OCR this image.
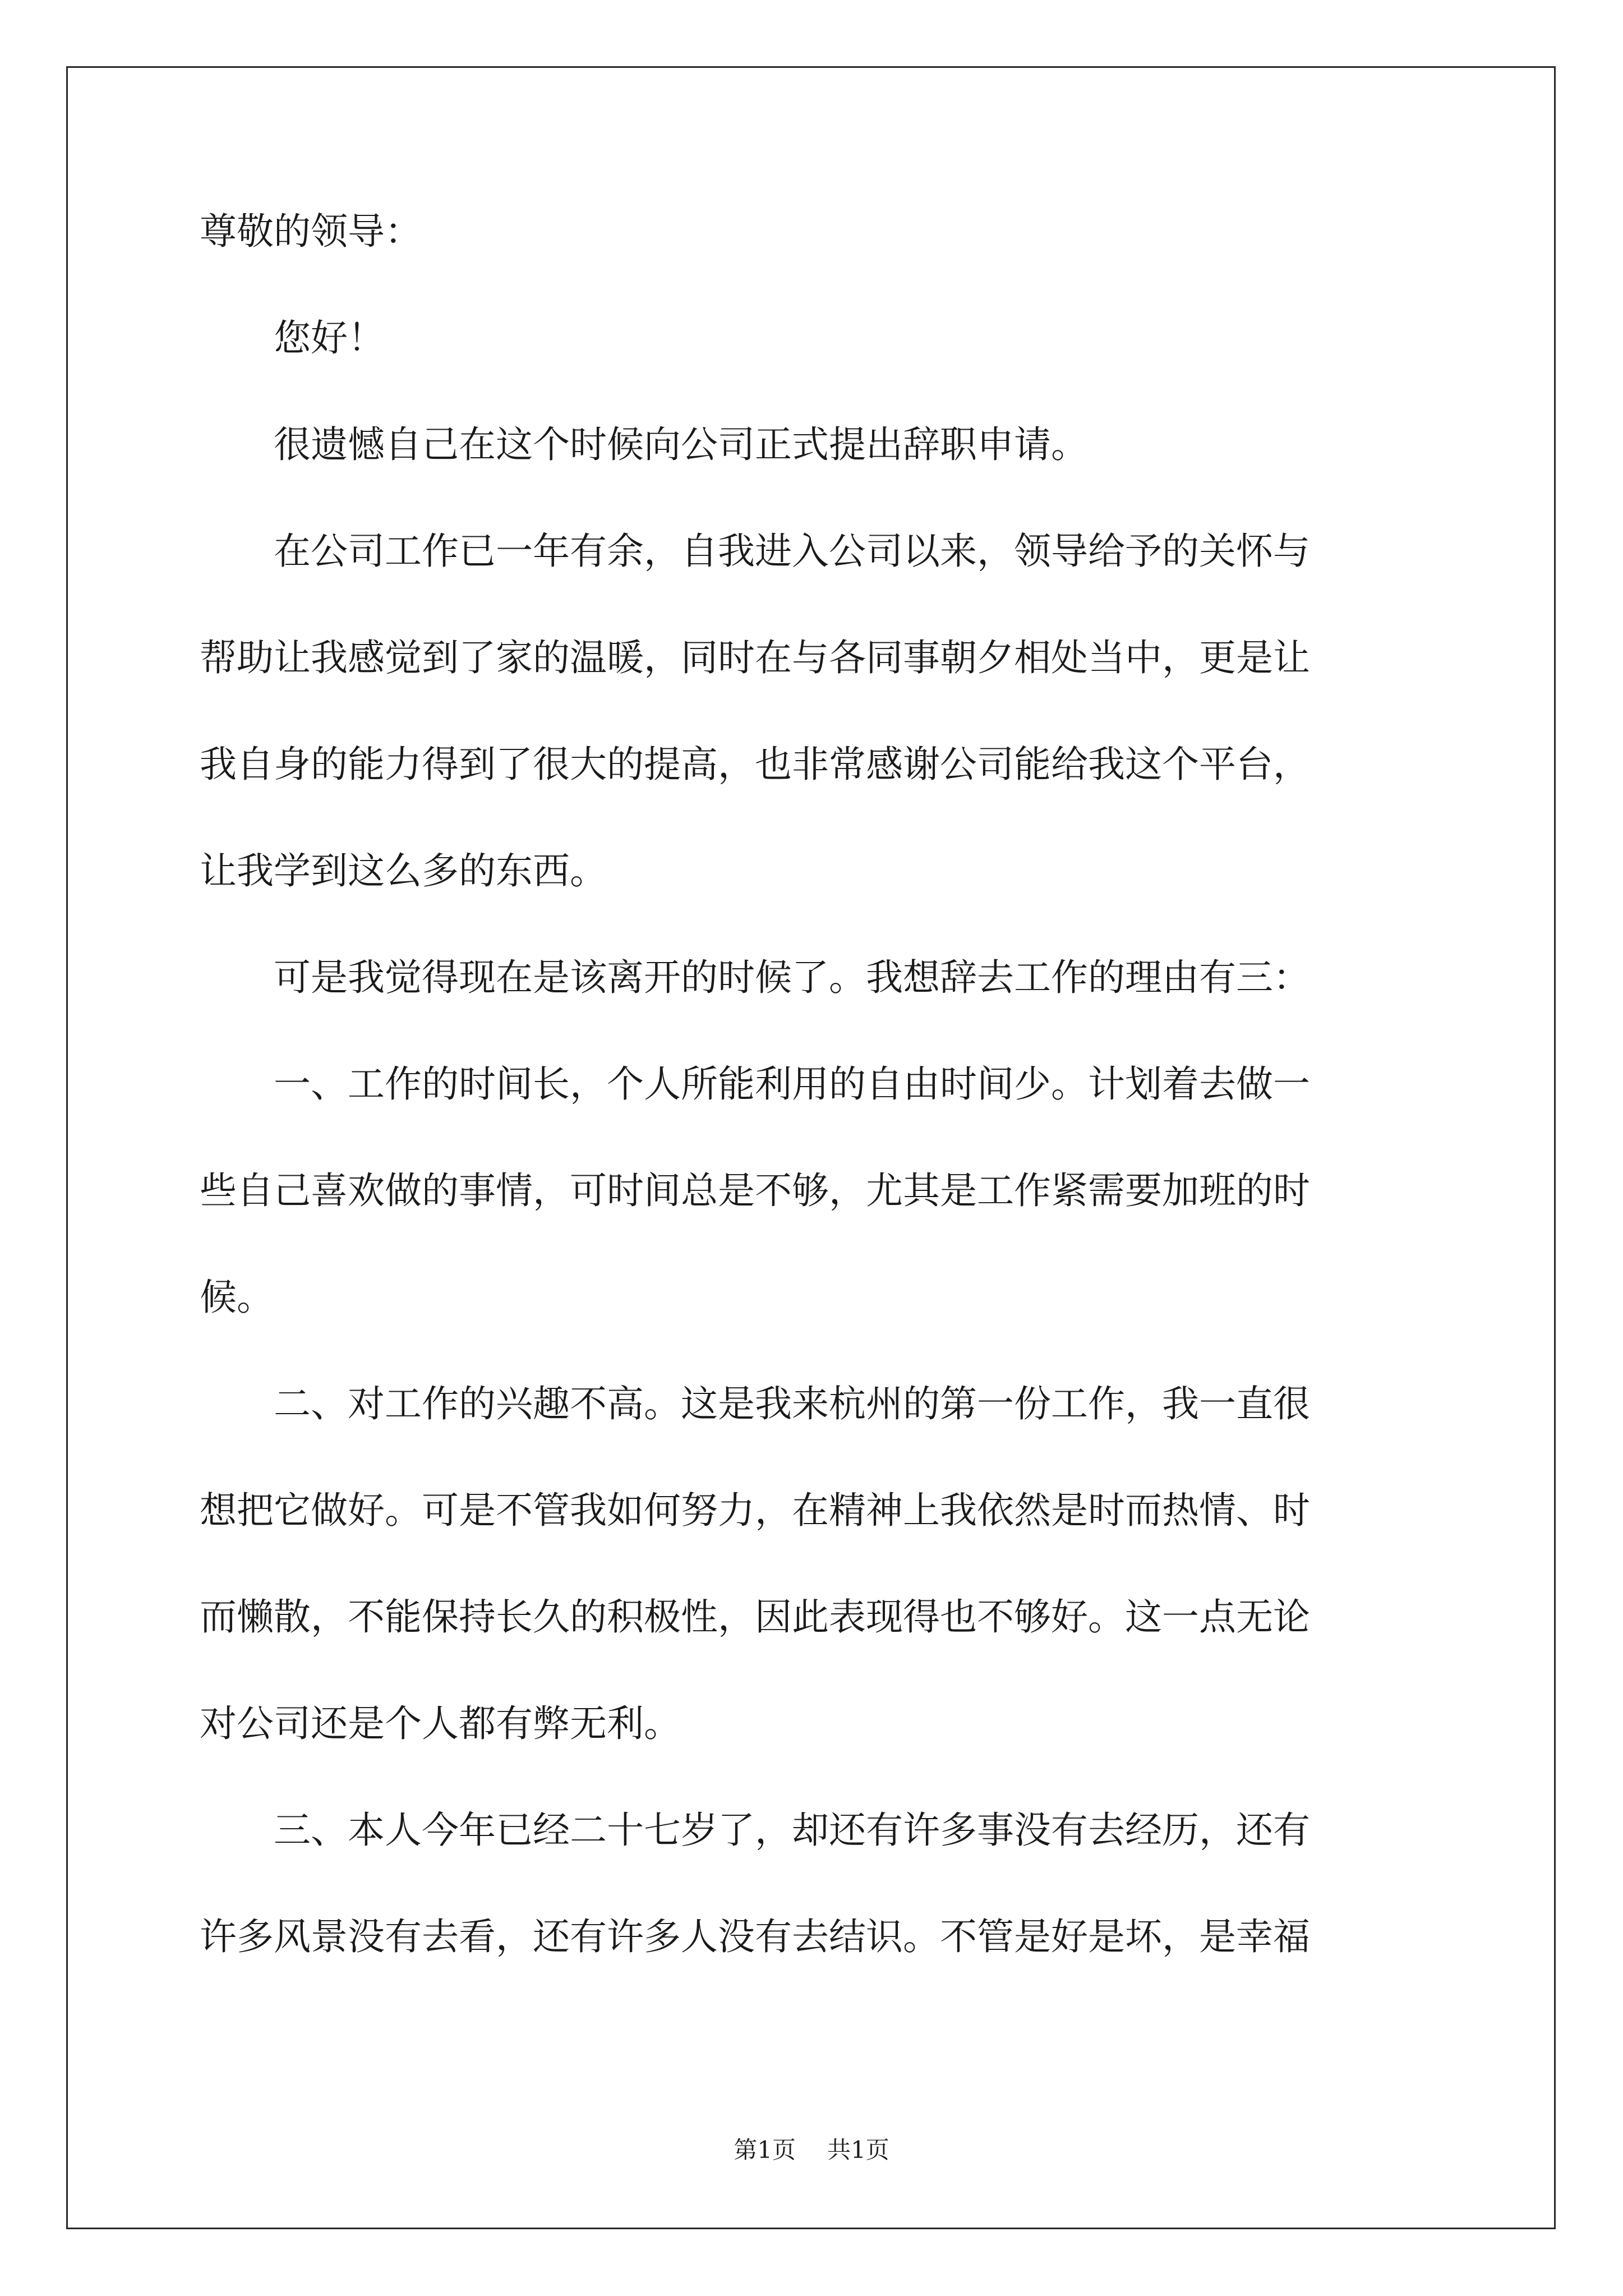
尊敬的领导：
　　您好！
　　很遗憾自己在这个时候向公司正式提出辞职申请。
　　在公司工作已一年有余，自我进入公司以来，领导给予的关怀与
帮助让我感觉到了家的温暖，同时在与各同事朝夕相处当中，更是让
我自身的能力得到了很大的提高，也非常感谢公司能给我这个平台，
让我学到这么多的东西。
　　可是我觉得现在是该离开的时候了。我想辞去工作的理由有三：
　　一、工作的时间长，个人所能利用的自由时间少。计划着去做一
些自己喜欢做的事情，可时间总是不够，尤其是工作紧需要加班的时
候。
　　二、对工作的兴趣不高。这是我来杭州的第一份工作，我一直很
想把它做好。可是不管我如何努力，在精神上我依然是时而热情、时
而懒散，不能保持长久的积极性，因此表现得也不够好。这一点无论
对公司还是个人都有弊无利。
　　三、本人今年已经二十七岁了，却还有许多事没有去经历，还有
许多风景没有去看，还有许多人没有去结识。不管是好是坏，是幸福
第1页 共1页
